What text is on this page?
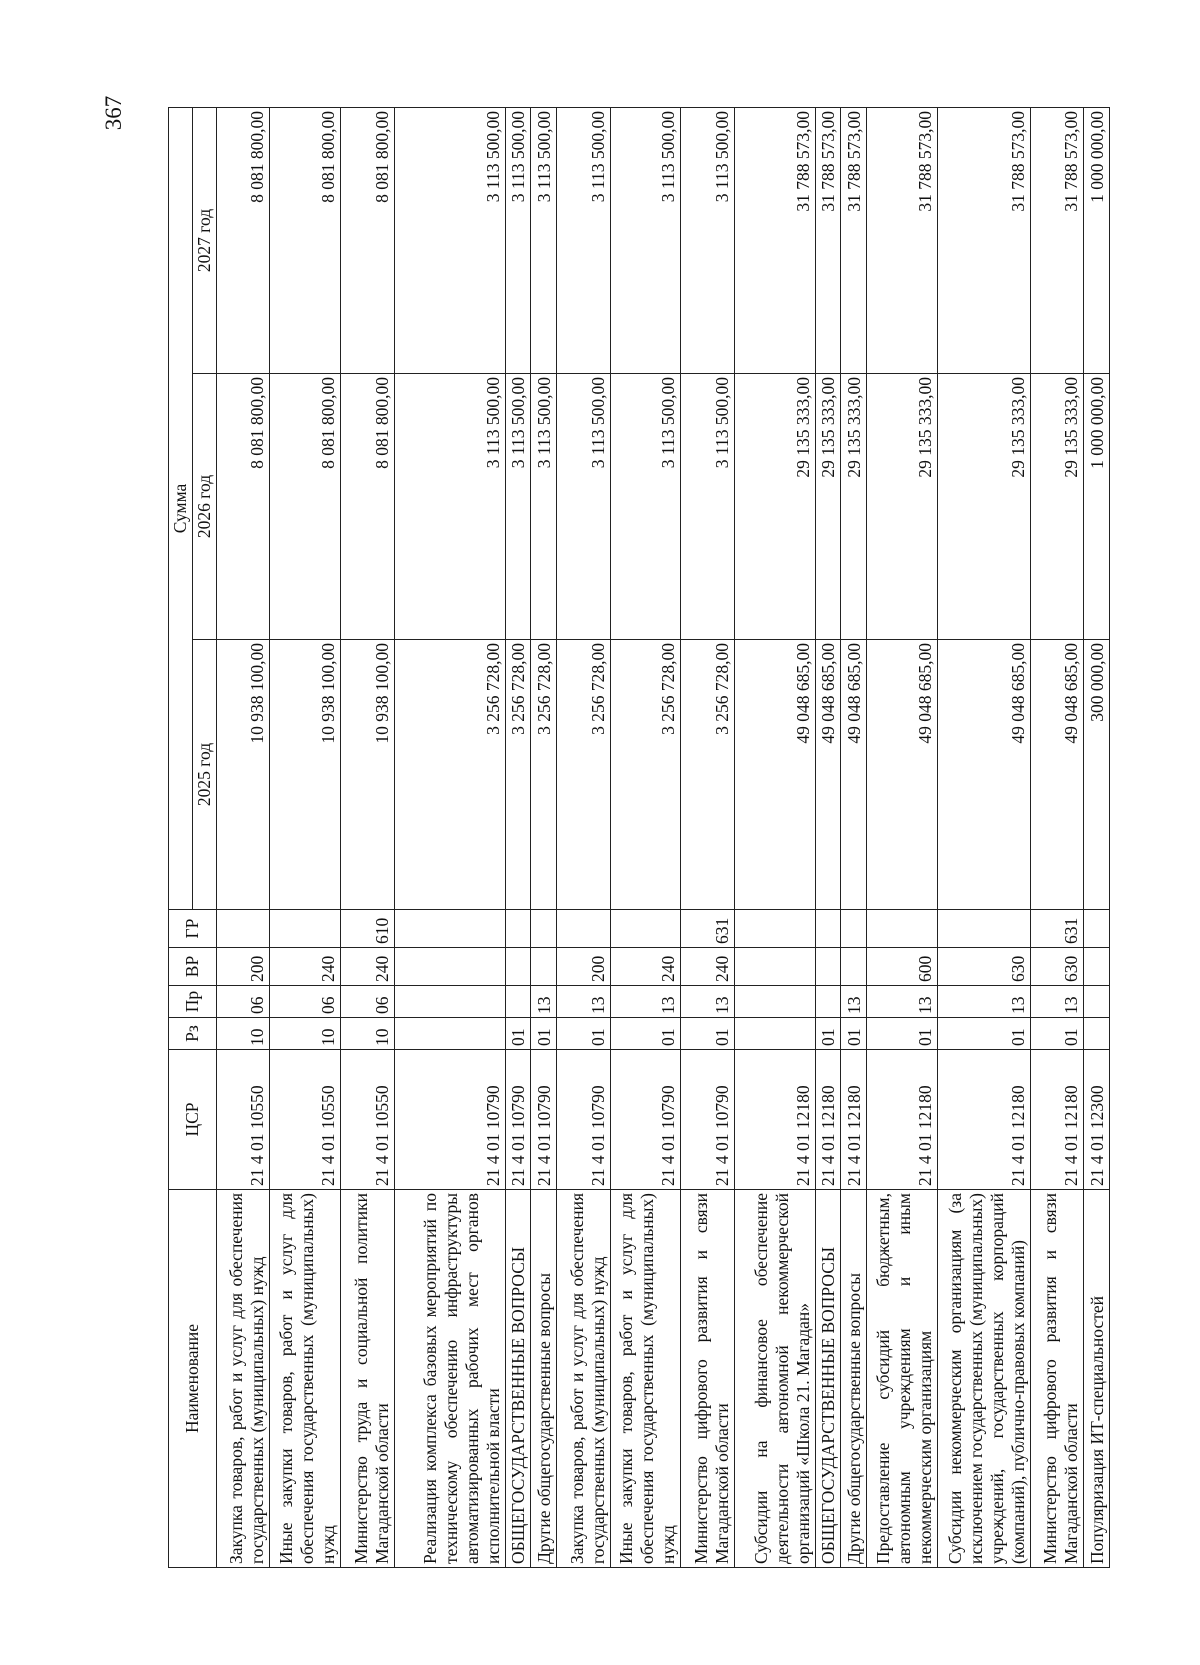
367
Наименование	ЦСР	Рз	Пр	ВР	ГР	Сумма		
						2025 год	2026 год	2027 год
Закупка товаров, работ и услуг для обеспечения государственных (муниципальных) нужд	21 4 01 10550	10	06	200		10 938 100,00	8 081 800,00	8 081 800,00
Иные закупки товаров, работ и услуг для обеспечения государственных (муниципальных) нужд	21 4 01 10550	10	06	240		10 938 100,00	8 081 800,00	8 081 800,00
Министерство труда и социальной политики Магаданской области	21 4 01 10550	10	06	240	610	10 938 100,00	8 081 800,00	8 081 800,00
Реализация комплекса базовых мероприятий по техническому обеспечению инфраструктуры автоматизированных рабочих мест органов исполнительной власти	21 4 01 10790					3 256 728,00	3 113 500,00	3 113 500,00
ОБЩЕГОСУДАРСТВЕННЫЕ ВОПРОСЫ	21 4 01 10790	01				3 256 728,00	3 113 500,00	3 113 500,00
Другие общегосударственные вопросы	21 4 01 10790	01	13			3 256 728,00	3 113 500,00	3 113 500,00
Закупка товаров, работ и услуг для обеспечения государственных (муниципальных) нужд	21 4 01 10790	01	13	200		3 256 728,00	3 113 500,00	3 113 500,00
Иные закупки товаров, работ и услуг для обеспечения государственных (муниципальных) нужд	21 4 01 10790	01	13	240		3 256 728,00	3 113 500,00	3 113 500,00
Министерство цифрового развития и связи Магаданской области	21 4 01 10790	01	13	240	631	3 256 728,00	3 113 500,00	3 113 500,00
Субсидии на финансовое обеспечение деятельности автономной некоммерческой организаций «Школа 21. Магадан»	21 4 01 12180					49 048 685,00	29 135 333,00	31 788 573,00
ОБЩЕГОСУДАРСТВЕННЫЕ ВОПРОСЫ	21 4 01 12180	01				49 048 685,00	29 135 333,00	31 788 573,00
Другие общегосударственные вопросы	21 4 01 12180	01	13			49 048 685,00	29 135 333,00	31 788 573,00
Предоставление субсидий бюджетным, автономным учреждениям и иным некоммерческим организациям	21 4 01 12180	01	13	600		49 048 685,00	29 135 333,00	31 788 573,00
Субсидии некоммерческим организациям (за исключением государственных (муниципальных) учреждений, государственных корпораций (компаний), публично-правовых компаний)	21 4 01 12180	01	13	630		49 048 685,00	29 135 333,00	31 788 573,00
Министерство цифрового развития и связи Магаданской области	21 4 01 12180	01	13	630	631	49 048 685,00	29 135 333,00	31 788 573,00
Популяризация ИТ-специальностей	21 4 01 12300					300 000,00	1 000 000,00	1 000 000,00
